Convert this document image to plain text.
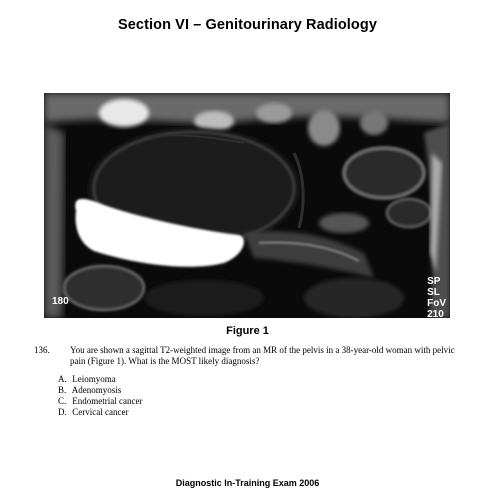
Section VI – Genitourinary Radiology
180
SP
SL
FoV
210
Figure 1
136. You are shown a sagittal T2-weighted image from an MR of the pelvis in a 38-year-old woman with pelvic pain (Figure 1). What is the MOST likely diagnosis?
A. Leiomyoma
B. Adenomyosis
C. Endometrial cancer
D. Cervical cancer
Diagnostic In-Training Exam 2006
